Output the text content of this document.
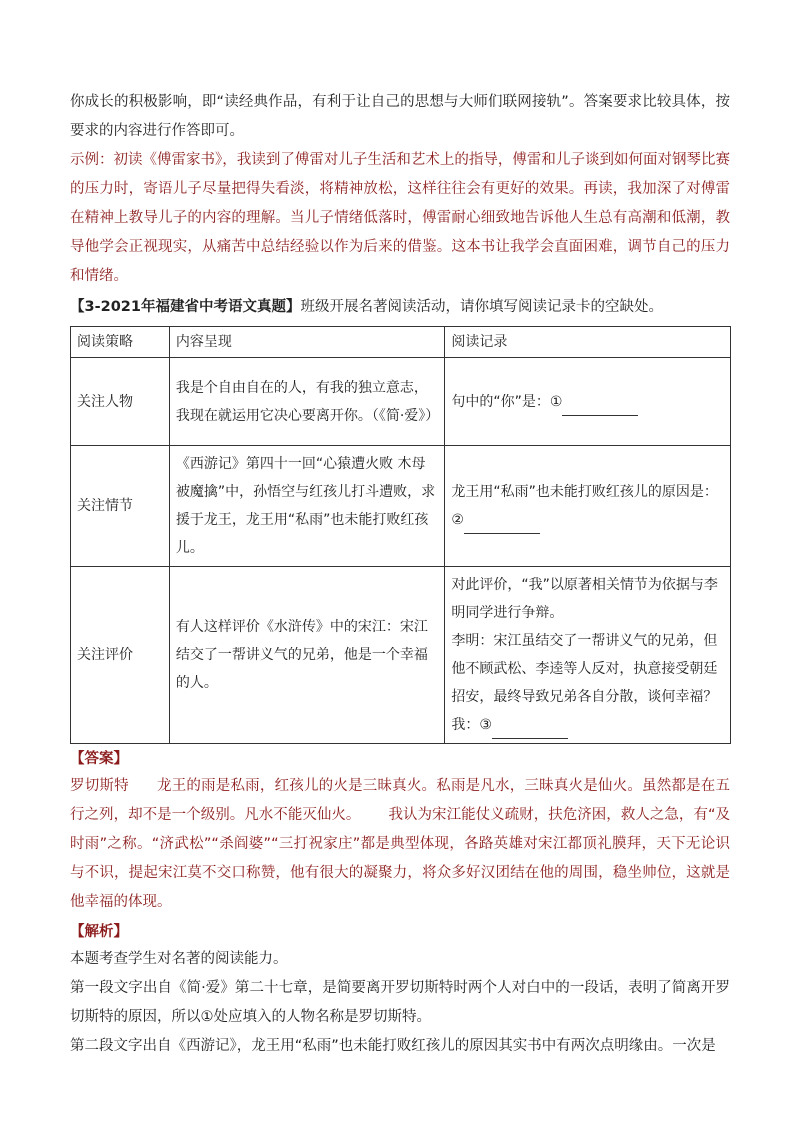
你成长的积极影响，即“读经典作品，有利于让自己的思想与大师们联网接轨”。答案要求比较具体，按要求的内容进行作答即可。

示例：初读《傅雷家书》，我读到了傅雷对儿子生活和艺术上的指导，傅雷和儿子谈到如何面对钢琴比赛的压力时，寄语儿子尽量把得失看淡，将精神放松，这样往往会有更好的效果。再读，我加深了对傅雷在精神上教导儿子的内容的理解。当儿子情绪低落时，傅雷耐心细致地告诉他人生总有高潮和低潮，教导他学会正视现实，从痛苦中总结经验以作为后来的借鉴。这本书让我学会直面困难，调节自己的压力和情绪。

【3-2021年福建省中考语文真题】班级开展名著阅读活动，请你填写阅读记录卡的空缺处。

阅读策略	内容呈现	阅读记录
关注人物	我是个自由自在的人，有我的独立意志，我现在就运用它决心要离开你。（《简·爱》）	句中的“你”是：①
关注情节	《西游记》第四十一回“心猿遭火败 木母被魔擒”中，孙悟空与红孩儿打斗遭败，求援于龙王，龙王用“私雨”也未能打败红孩儿。	龙王用“私雨”也未能打败红孩儿的原因是：②
关注评价	有人这样评价《水浒传》中的宋江：宋江结交了一帮讲义气的兄弟，他是一个幸福的人。	对此评价，“我”以原著相关情节为依据与李明同学进行争辩。
李明：宋江虽结交了一帮讲义气的兄弟，但他不顾武松、李逵等人反对，执意接受朝廷招安，最终导致兄弟各自分散，谈何幸福？
我：③
【答案】

罗切斯特 龙王的雨是私雨，红孩儿的火是三昧真火。私雨是凡水，三昧真火是仙火。虽然都是在五行之列，却不是一个级别。凡水不能灭仙火。 我认为宋江能仗义疏财，扶危济困，救人之急，有“及时雨”之称。“济武松”“杀阎婆”“三打祝家庄”都是典型体现，各路英雄对宋江都顶礼膜拜，天下无论识与不识，提起宋江莫不交口称赞，他有很大的凝聚力，将众多好汉团结在他的周围，稳坐帅位，这就是他幸福的体现。

【解析】

本题考查学生对名著的阅读能力。

第一段文字出自《简·爱》第二十七章，是简要离开罗切斯特时两个人对白中的一段话，表明了简离开罗切斯特的原因，所以①处应填入的人物名称是罗切斯特。

第二段文字出自《西游记》，龙王用“私雨”也未能打败红孩儿的原因其实书中有两次点明缘由。一次是
